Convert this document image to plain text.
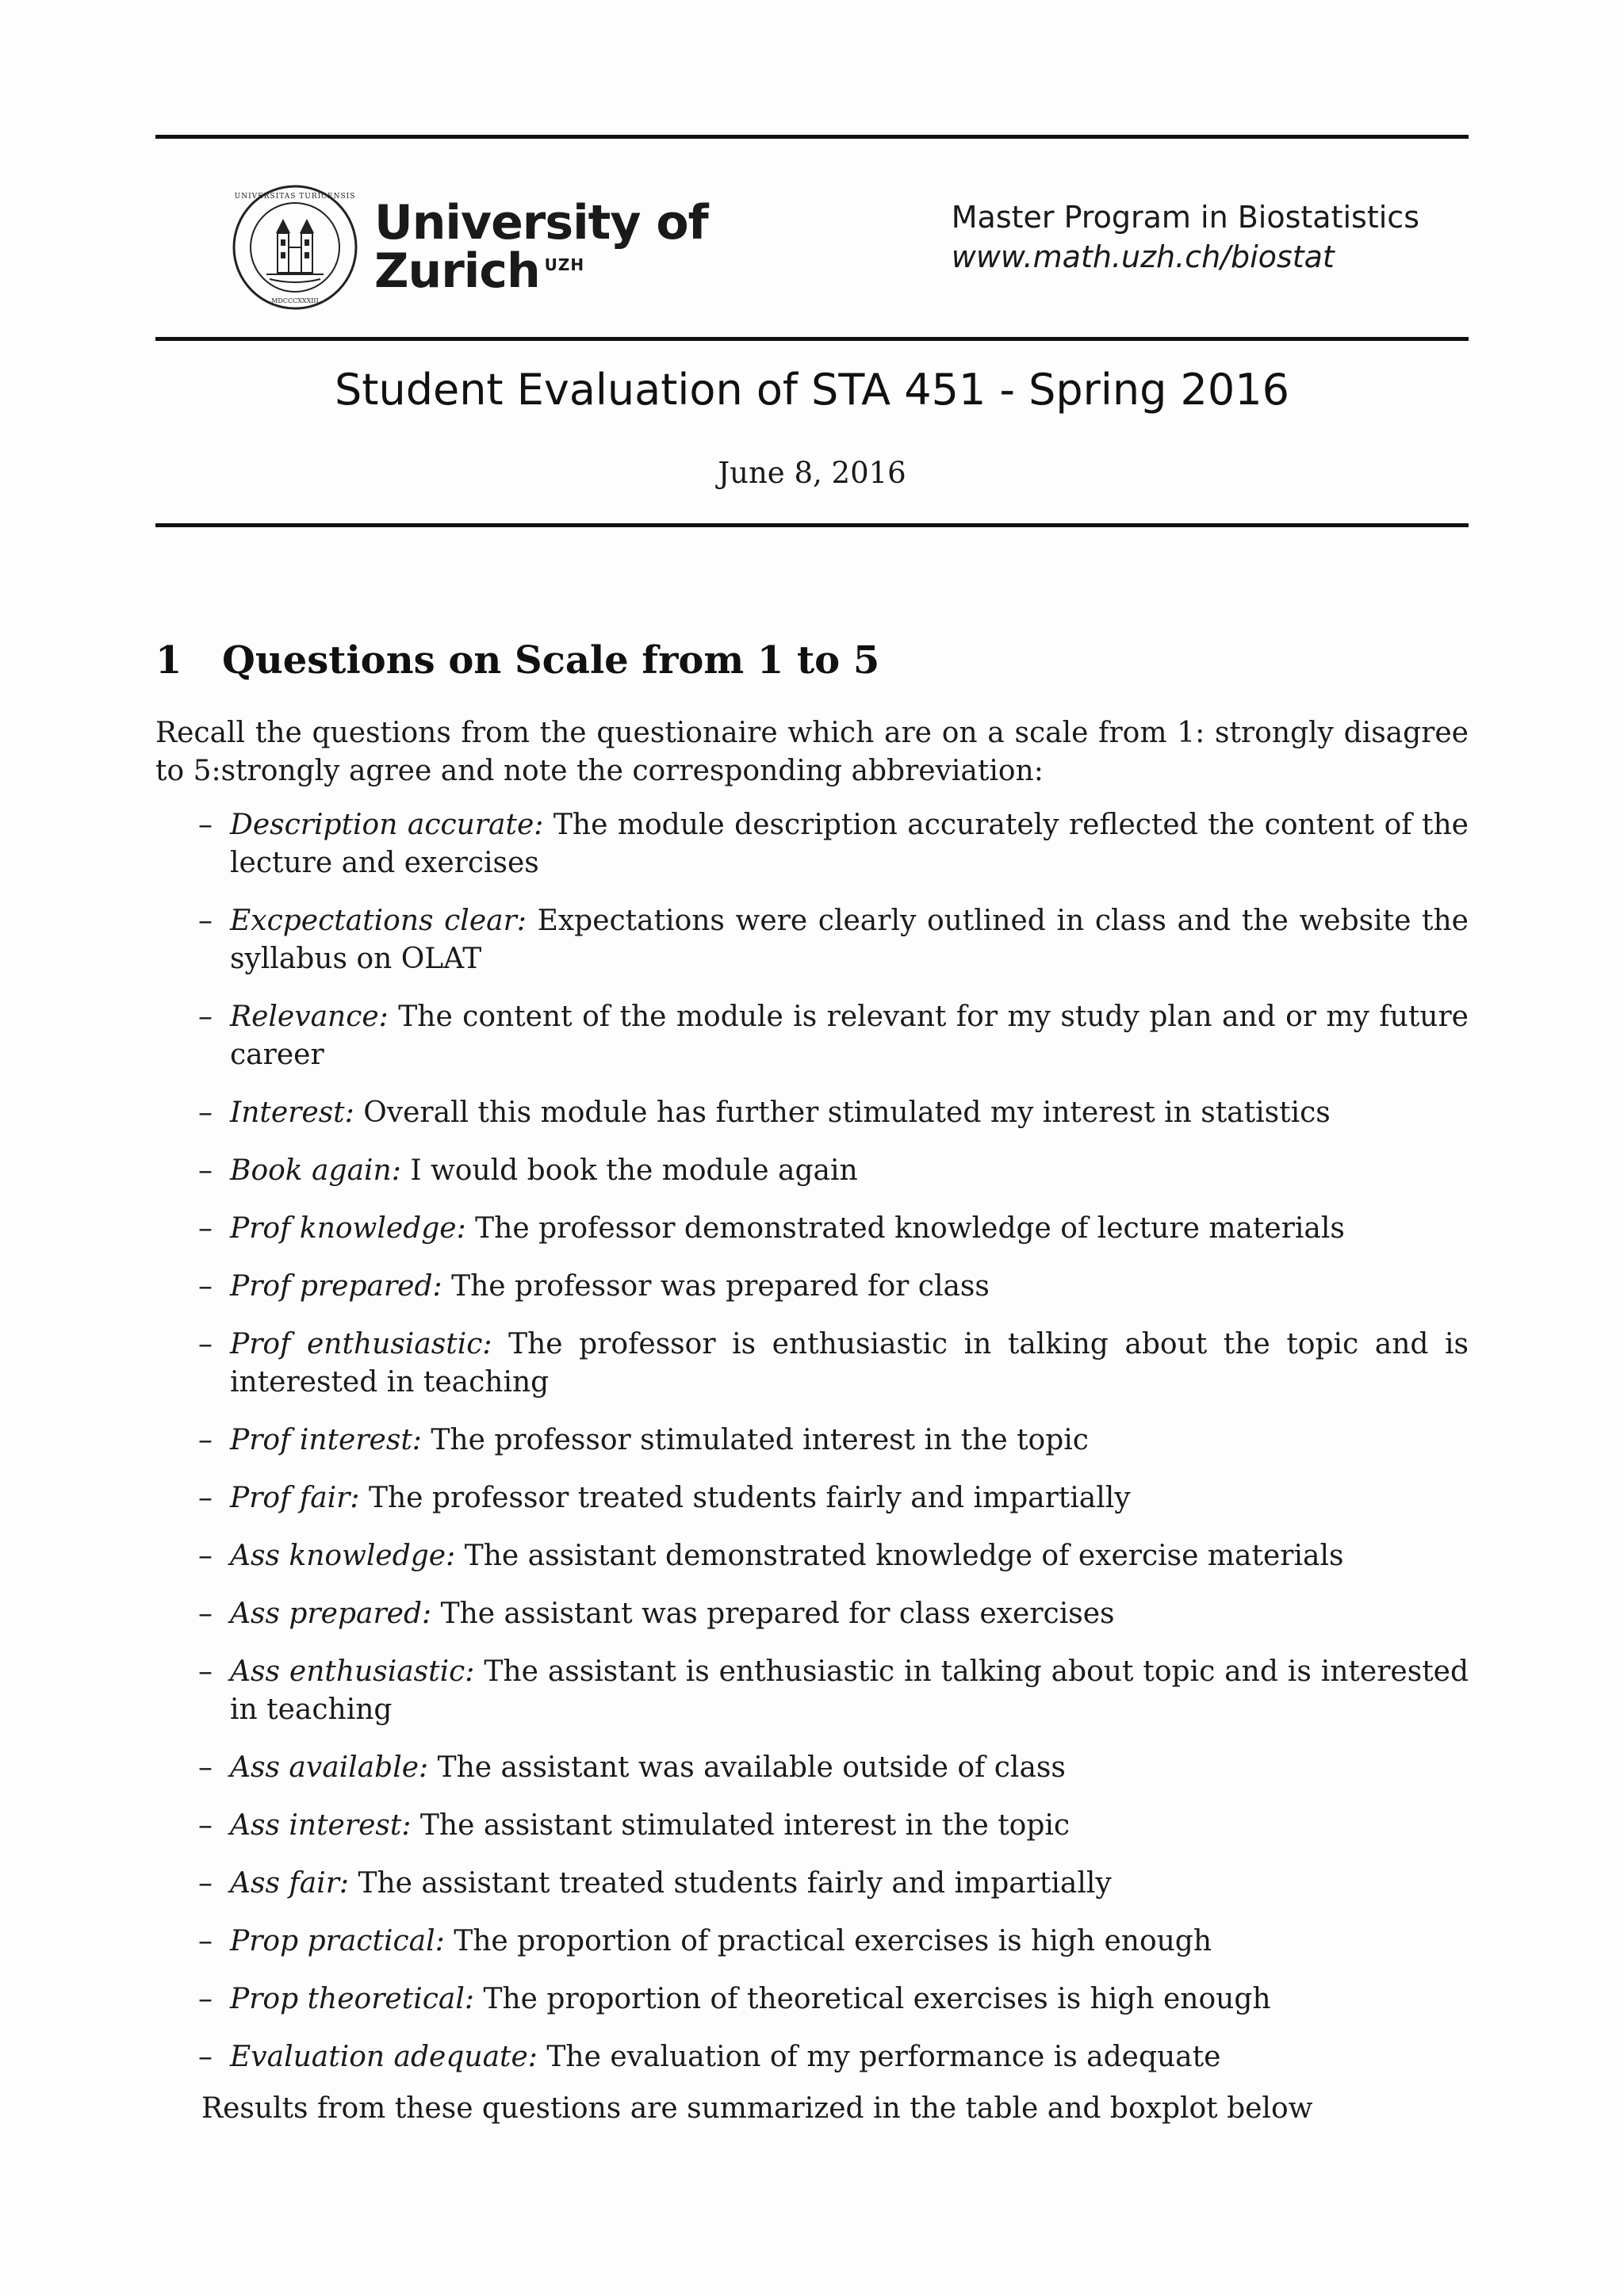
UNIVERSITAS TURICENSIS
MDCCCXXXIII
University of
Zurich $^{UZH}$
Master Program in Biostatistics
www.math.uzh.ch/biostat
Student Evaluation of STA 451 - Spring 2016
June 8, 2016
1	Questions on Scale from 1 to 5
Recall the questions from the questionaire which are on a scale from 1: strongly disagree to 5:strongly agree and note the corresponding abbreviation:
– Description accurate: The module description accurately reflected the content of the lecture and exercises
– Excpectations clear: Expectations were clearly outlined in class and the website the syllabus on OLAT
– Relevance: The content of the module is relevant for my study plan and or my future career
– Interest: Overall this module has further stimulated my interest in statistics
– Book again: I would book the module again
– Prof knowledge: The professor demonstrated knowledge of lecture materials
– Prof prepared: The professor was prepared for class
– Prof enthusiastic: The professor is enthusiastic in talking about the topic and is interested in teaching
– Prof interest: The professor stimulated interest in the topic
– Prof fair: The professor treated students fairly and impartially
– Ass knowledge: The assistant demonstrated knowledge of exercise materials
– Ass prepared: The assistant was prepared for class exercises
– Ass enthusiastic: The assistant is enthusiastic in talking about topic and is interested in teaching
– Ass available: The assistant was available outside of class
– Ass interest: The assistant stimulated interest in the topic
– Ass fair: The assistant treated students fairly and impartially
– Prop practical: The proportion of practical exercises is high enough
– Prop theoretical: The proportion of theoretical exercises is high enough
– Evaluation adequate: The evaluation of my performance is adequate
Results from these questions are summarized in the table and boxplot below
